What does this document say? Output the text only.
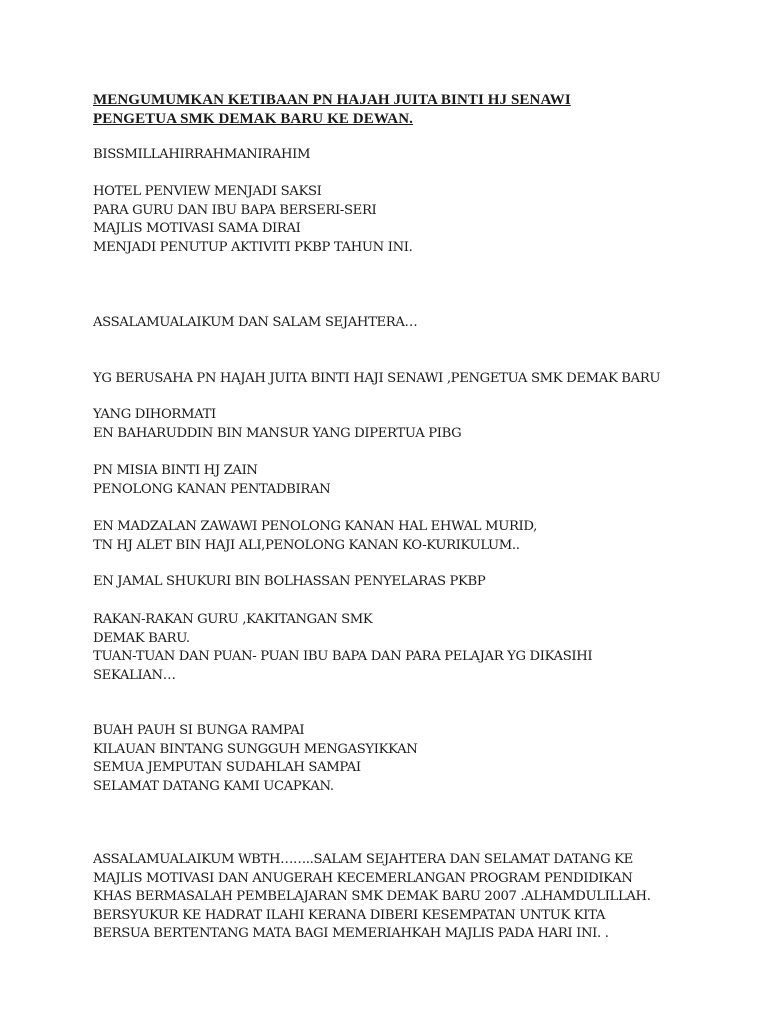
MENGUMUMKAN KETIBAAN PN HAJAH JUITA BINTI HJ SENAWI
PENGETUA SMK DEMAK BARU KE DEWAN.

BISSMILLAHIRRAHMANIRAHIM

HOTEL PENVIEW MENJADI SAKSI
PARA GURU DAN IBU BAPA BERSERI-SERI
MAJLIS MOTIVASI SAMA DIRAI
MENJADI PENUTUP AKTIVITI PKBP TAHUN INI.

ASSALAMUALAIKUM DAN SALAM SEJAHTERA…

YG BERUSAHA PN HAJAH JUITA BINTI HAJI SENAWI ,PENGETUA SMK DEMAK BARU

YANG DIHORMATI
EN BAHARUDDIN BIN MANSUR YANG DIPERTUA PIBG

PN MISIA BINTI HJ ZAIN
PENOLONG KANAN PENTADBIRAN

EN MADZALAN ZAWAWI PENOLONG KANAN HAL EHWAL MURID,
TN HJ ALET BIN HAJI ALI,PENOLONG KANAN KO-KURIKULUM..

EN JAMAL SHUKURI BIN BOLHASSAN PENYELARAS PKBP

RAKAN-RAKAN GURU ,KAKITANGAN SMK
DEMAK BARU.
TUAN-TUAN DAN PUAN- PUAN IBU BAPA DAN PARA PELAJAR YG DIKASIHI
SEKALIAN…

BUAH PAUH SI BUNGA RAMPAI
KILAUAN BINTANG SUNGGUH MENGASYIKKAN
SEMUA JEMPUTAN SUDAHLAH SAMPAI
SELAMAT DATANG KAMI UCAPKAN.

ASSALAMUALAIKUM WBTH……..SALAM SEJAHTERA DAN SELAMAT DATANG KE
MAJLIS MOTIVASI DAN ANUGERAH KECEMERLANGAN PROGRAM PENDIDIKAN
KHAS BERMASALAH PEMBELAJARAN SMK DEMAK BARU 2007 .ALHAMDULILLAH.
BERSYUKUR KE HADRAT ILAHI KERANA DIBERI KESEMPATAN UNTUK KITA
BERSUA BERTENTANG MATA BAGI MEMERIAHKAH MAJLIS PADA HARI INI. .
